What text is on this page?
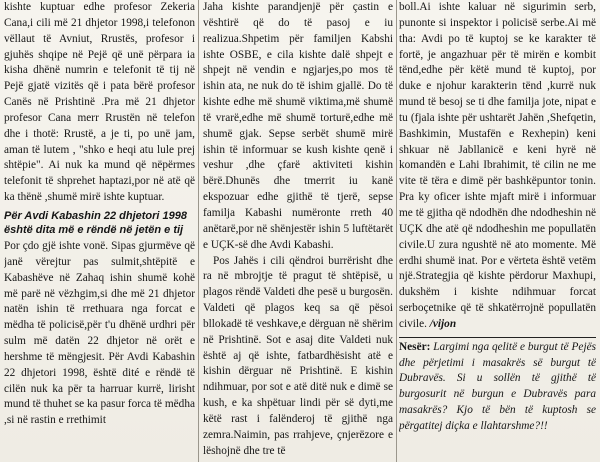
kishte kuptuar edhe profesor Zekeria Cana,i cili më 21 dhjetor 1998,i telefonon vëllaut të Avniut, Rrustës, profesor i gjuhës shqipe në Pejë që unë përpara ia kisha dhënë numrin e telefonit të tij në Pejë gjatë vizitës që i pata bërë profesor Canës në Prishtinë .Pra më 21 dhjetor profesor Cana merr Rrustën në telefon dhe i thotë: Rrustë, a je ti, po unë jam, aman të lutem , "shko e heqi atu lule prej shtëpie". Ai nuk ka mund që nëpërmes telefonit të shprehet haptazi,por në atë që ka thënë ,shumë mirë ishte kuptuar.

Për Avdi Kabashin 22 dhjetori 1998 është dita më e rëndë në jetën e tij

Por çdo gjë ishte vonë. Sipas gjurmëve që janë vërejtur pas sulmit,shtëpitë e Kabashëve në Zahaq ishin shumë kohë më parë në vëzhgim,si dhe më 21 dhjetor natën ishin të rrethuara nga forcat e mëdha të policisë,për t'u dhënë urdhri për sulm më datën 22 dhjetor në orët e hershme të mëngjesit. Për Avdi Kabashin 22 dhjetori 1998, është dité e rëndë të cilën nuk ka për ta harruar kurrë, lirisht mund të thuhet se ka pasur forca të mëdha ,si në rastin e rrethimit

Jaha kishte parandjenjë për çastin e vështirë që do të pasoj e iu realizua.Shpetim për familjen Kabshi ishte OSBE, e cila kishte dalë shpejt e shpejt në vendin e ngjarjes,po mos të ishin ata, ne nuk do të ishim gjallë. Do të kishte edhe më shumë viktima,më shumë të vrarë,edhe më shumë torturë,edhe më shumë gjak. Sepse serbët shumë mirë ishin të informuar se kush kishte qenë i veshur ,dhe çfarë aktiviteti kishin bërë.Dhunës dhe tmerrit iu kanë ekspozuar edhe gjithë të tjerë, sepse familja Kabashi numëronte rreth 40 anëtarë,por në shënjestër ishin 5 luftëtarët e UÇK-së dhe Avdi Kabashi.

Pos Jahës i cili qëndroi burrërisht dhe ra në mbrojtje të pragut të shtëpisë, u plagos rëndë Valdeti dhe pesë u burgosën. Valdeti që plagos keq sa që pësoi bllokadë të veshkave,e dërguan në shërim në Prishtinë. Sot e asaj dite Valdeti nuk është aj që ishte, fatbardhësisht atë e kishin dërguar në Prishtinë. E kishin ndihmuar, por sot e atë ditë nuk e dimë se kush, e ka shpëtuar lindi për së dyti,me këtë rast i falënderoj të gjithë nga zemra.Naimin, pas rrahjeve, çnjerëzore e lëshojnë dhe tre të

boll.Ai ishte kaluar në sigurimin serb, punonte si inspektor i policisë serbe.Ai më tha: Avdi po të kuptoj se ke karakter të fortë, je angazhuar për të mirën e kombit tënd,edhe për këtë mund të kuptoj, por duke e njohur karakterin tënd ,kurrë nuk mund të besoj se ti dhe familja jote, nipat e tu (fjala ishte për ushtarët Jahën ,Shefqetin, Bashkimin, Mustafën e Rexhepin) keni shkuar në Jabllanicë e keni hyrë në komandën e Lahi Ibrahimit, të cilin ne me vite të tëra e dimë për bashkëpuntor tonin. Pra ky oficer ishte mjaft mirë i informuar me të gjitha që ndodhën dhe ndodheshin në UÇK dhe atë që ndodheshin me popullatën civile.U zura ngushtë në ato momente. Më erdhi shumë inat. Por e vërteta është vetëm një.Strategjia që kishte përdorur Maxhupi, dukshëm i kishte ndihmuar forcat serboçetnike që të shkatërrojnë popullatën civile. /vijon

Nesër: Largimi nga qelitë e burgut të Pejës dhe përjetimi i masakrës së burgut të Dubravës. Si u sollën të gjithë të burgosurit në burgun e Dubravës para masakrës? Kjo të bën të kuptosh se përgatitej diçka e llahtarshme?!!
